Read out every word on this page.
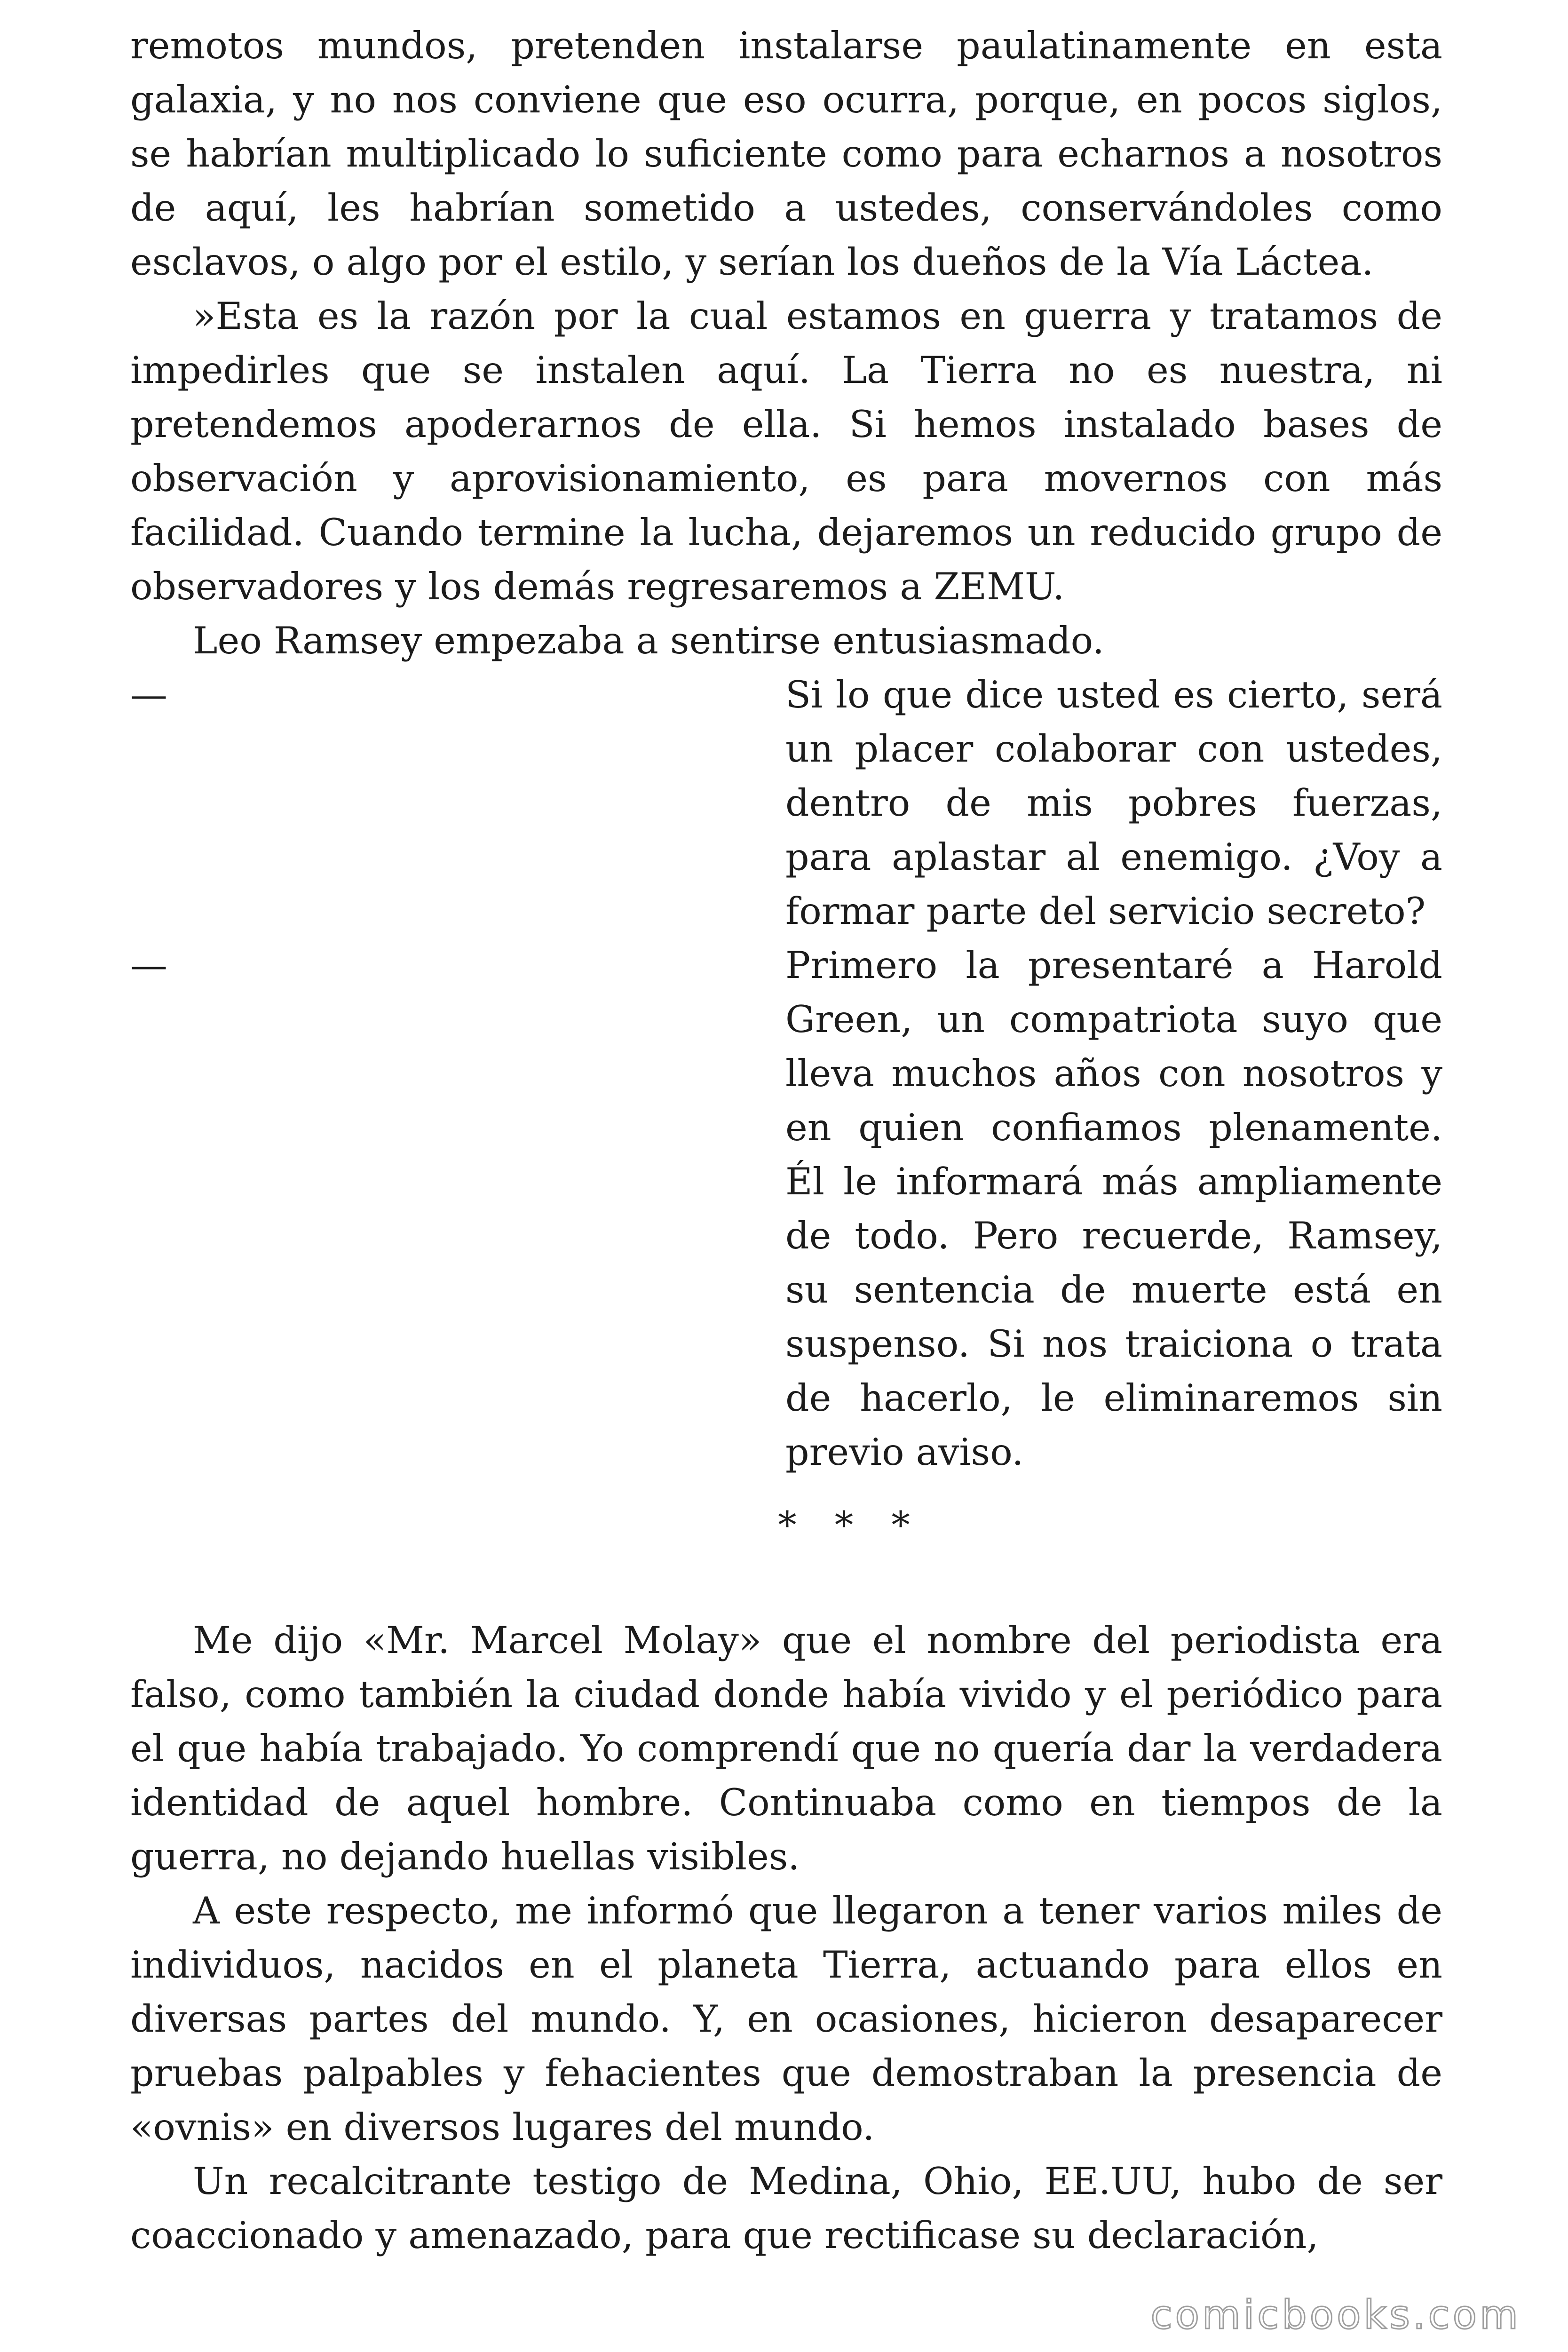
remotos mundos, pretenden instalarse paulatinamente en esta galaxia, y no nos conviene que eso ocurra, porque, en pocos siglos, se habrían multiplicado lo suficiente como para echarnos a nosotros de aquí, les habrían sometido a ustedes, conservándoles como esclavos, o algo por el estilo, y serían los dueños de la Vía Láctea.

»Esta es la razón por la cual estamos en guerra y tratamos de impedirles que se instalen aquí. La Tierra no es nuestra, ni pretendemos apoderarnos de ella. Si hemos instalado bases de observación y aprovisionamiento, es para movernos con más facilidad. Cuando termine la lucha, dejaremos un reducido grupo de observadores y los demás regresaremos a ZEMU.

Leo Ramsey empezaba a sentirse entusiasmado.

—	Si lo que dice usted es cierto, será un placer colaborar con ustedes, dentro de mis pobres fuerzas, para aplastar al enemigo. ¿Voy a formar parte del servicio secreto?

—	Primero la presentaré a Harold Green, un compatriota suyo que lleva muchos años con nosotros y en quien confiamos plenamente. Él le informará más ampliamente de todo. Pero recuerde, Ramsey, su sentencia de muerte está en suspenso. Si nos traiciona o trata de hacerlo, le eliminaremos sin previo aviso.

* * *

Me dijo «Mr. Marcel Molay» que el nombre del periodista era falso, como también la ciudad donde había vivido y el periódico para el que había trabajado. Yo comprendí que no quería dar la verdadera identidad de aquel hombre. Continuaba como en tiempos de la guerra, no dejando huellas visibles.

A este respecto, me informó que llegaron a tener varios miles de individuos, nacidos en el planeta Tierra, actuando para ellos en diversas partes del mundo. Y, en ocasiones, hicieron desaparecer pruebas palpables y fehacientes que demostraban la presencia de «ovnis» en diversos lugares del mundo.

Un recalcitrante testigo de Medina, Ohio, EE.UU, hubo de ser coaccionado y amenazado, para que rectificase su declaración,

comicbooks.com
